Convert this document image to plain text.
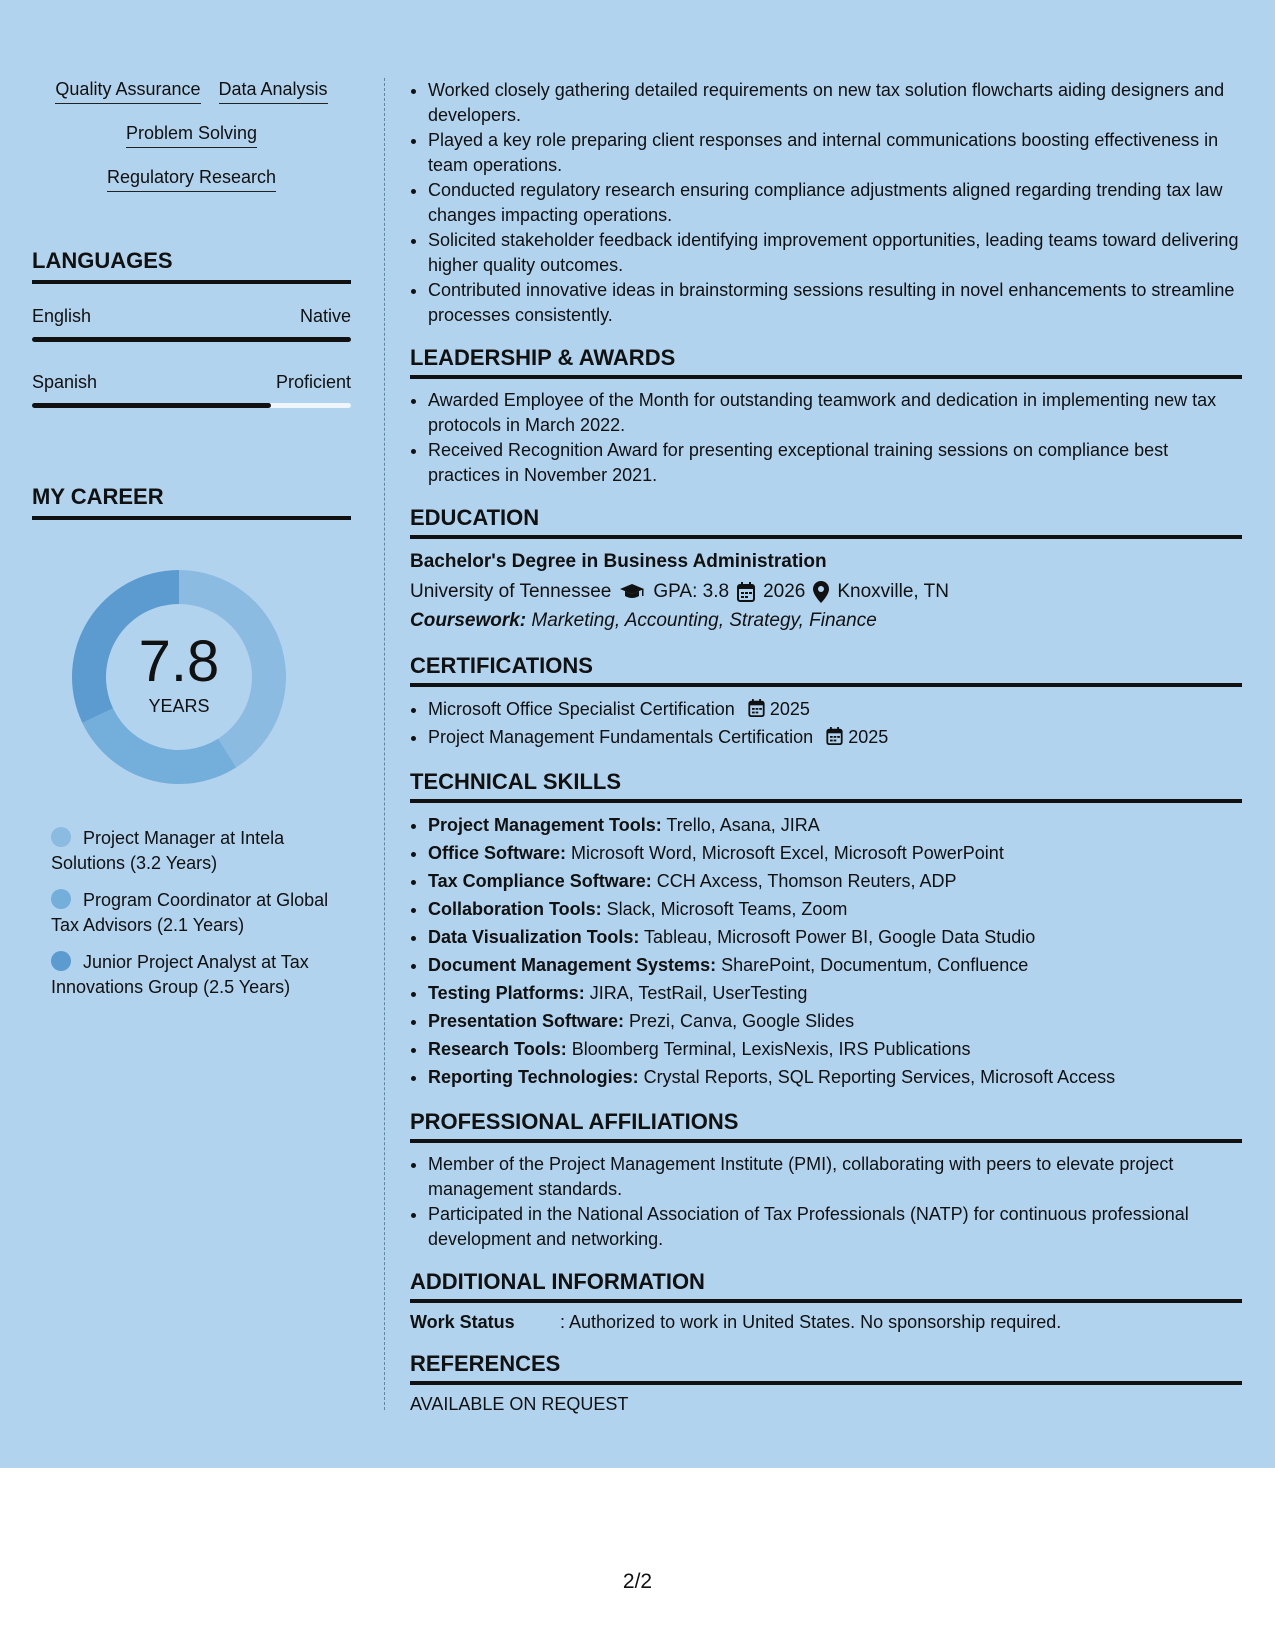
Quality Assurance Data Analysis
Problem Solving
Regulatory Research
LANGUAGES
English	Native
Spanish	Proficient
MY CAREER
7.8
YEARS
Project Manager at Intela Solutions (3.2 Years)
Program Coordinator at Global Tax Advisors (2.1 Years)
Junior Project Analyst at Tax Innovations Group (2.5 Years)
• Worked closely gathering detailed requirements on new tax solution flowcharts aiding designers and developers.
• Played a key role preparing client responses and internal communications boosting effectiveness in team operations.
• Conducted regulatory research ensuring compliance adjustments aligned regarding trending tax law changes impacting operations.
• Solicited stakeholder feedback identifying improvement opportunities, leading teams toward delivering higher quality outcomes.
• Contributed innovative ideas in brainstorming sessions resulting in novel enhancements to streamline processes consistently.
LEADERSHIP & AWARDS
• Awarded Employee of the Month for outstanding teamwork and dedication in implementing new tax protocols in March 2022.
• Received Recognition Award for presenting exceptional training sessions on compliance best practices in November 2021.
EDUCATION
Bachelor's Degree in Business Administration
University of Tennessee GPA: 3.8 2026 Knoxville, TN
Coursework: Marketing, Accounting, Strategy, Finance
CERTIFICATIONS
• Microsoft Office Specialist Certification 2025
• Project Management Fundamentals Certification 2025
TECHNICAL SKILLS
• Project Management Tools: Trello, Asana, JIRA
• Office Software: Microsoft Word, Microsoft Excel, Microsoft PowerPoint
• Tax Compliance Software: CCH Axcess, Thomson Reuters, ADP
• Collaboration Tools: Slack, Microsoft Teams, Zoom
• Data Visualization Tools: Tableau, Microsoft Power BI, Google Data Studio
• Document Management Systems: SharePoint, Documentum, Confluence
• Testing Platforms: JIRA, TestRail, UserTesting
• Presentation Software: Prezi, Canva, Google Slides
• Research Tools: Bloomberg Terminal, LexisNexis, IRS Publications
• Reporting Technologies: Crystal Reports, SQL Reporting Services, Microsoft Access
PROFESSIONAL AFFILIATIONS
• Member of the Project Management Institute (PMI), collaborating with peers to elevate project management standards.
• Participated in the National Association of Tax Professionals (NATP) for continuous professional development and networking.
ADDITIONAL INFORMATION
Work Status	: Authorized to work in United States. No sponsorship required.
REFERENCES
AVAILABLE ON REQUEST
2/2
